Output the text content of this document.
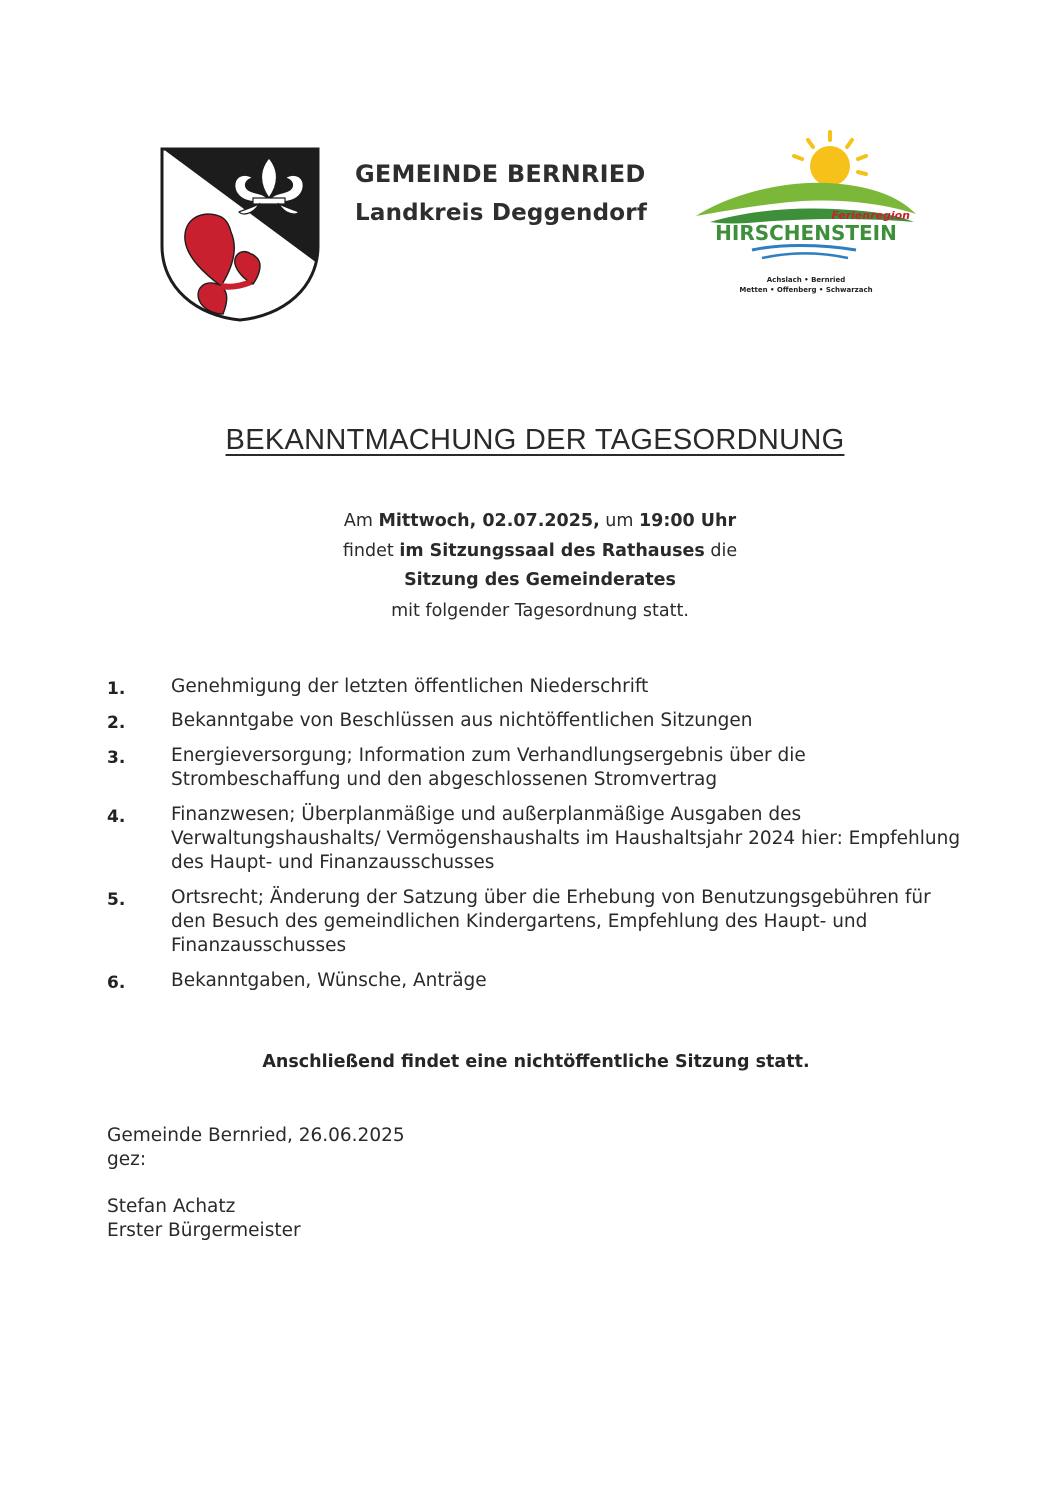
GEMEINDE BERNRIED
Landkreis Deggendorf	Ferienregion
HIRSCHENSTEIN
Achslach • Bernried
Metten • Offenberg • Schwarzach
BEKANNTMACHUNG DER TAGESORDNUNG
Am Mittwoch, 02.07.2025, um 19:00 Uhr
findet im Sitzungssaal des Rathauses die
Sitzung des Gemeinderates
mit folgender Tagesordnung statt.
1. Genehmigung der letzten öffentlichen Niederschrift
2. Bekanntgabe von Beschlüssen aus nichtöffentlichen Sitzungen
3. Energieversorgung; Information zum Verhandlungsergebnis über die Strombeschaffung und den abgeschlossenen Stromvertrag
4. Finanzwesen; Überplanmäßige und außerplanmäßige Ausgaben des Verwaltungshaushalts/ Vermögenshaushalts im Haushaltsjahr 2024 hier: Empfehlung des Haupt- und Finanzausschusses
5. Ortsrecht; Änderung der Satzung über die Erhebung von Benutzungsgebühren für den Besuch des gemeindlichen Kindergartens, Empfehlung des Haupt- und Finanzausschusses
6. Bekanntgaben, Wünsche, Anträge
Anschließend findet eine nichtöffentliche Sitzung statt.
Gemeinde Bernried, 26.06.2025
gez:
Stefan Achatz
Erster Bürgermeister
